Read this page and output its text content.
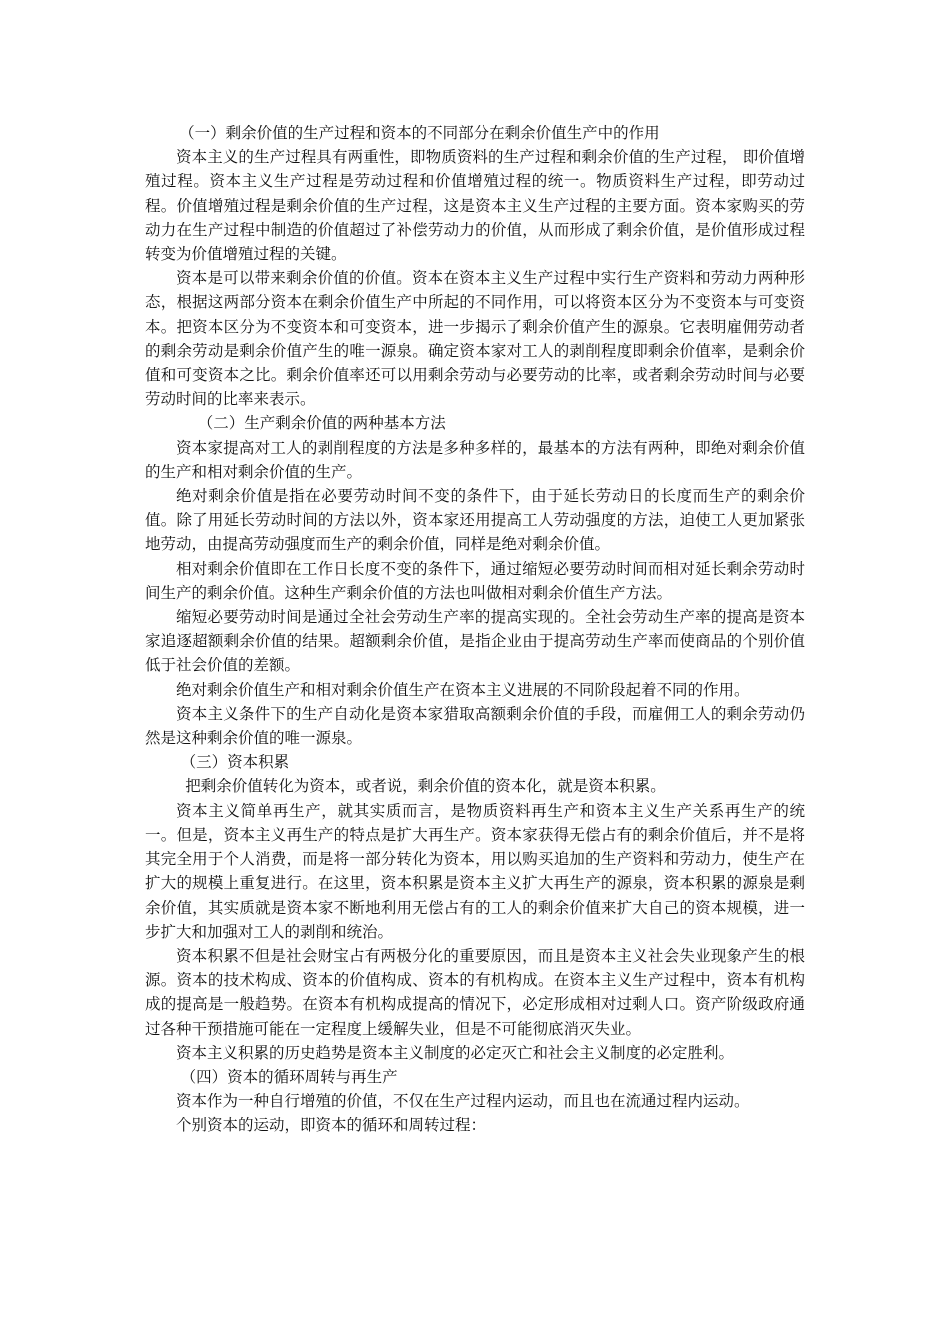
（一）剩余价值的生产过程和资本的不同部分在剩余价值生产中的作用

资本主义的生产过程具有两重性，即物质资料的生产过程和剩余价值的生产过程， 即价值增殖过程。资本主义生产过程是劳动过程和价值增殖过程的统一。物质资料生产过程，即劳动过程。价值增殖过程是剩余价值的生产过程，这是资本主义生产过程的主要方面。资本家购买的劳动力在生产过程中制造的价值超过了补偿劳动力的价值，从而形成了剩余价值，是价值形成过程转变为价值增殖过程的关键。

资本是可以带来剩余价值的价值。资本在资本主义生产过程中实行生产资料和劳动力两种形态，根据这两部分资本在剩余价值生产中所起的不同作用，可以将资本区分为不变资本与可变资本。把资本区分为不变资本和可变资本，进一步揭示了剩余价值产生的源泉。它表明雇佣劳动者的剩余劳动是剩余价值产生的唯一源泉。确定资本家对工人的剥削程度即剩余价值率，是剩余价值和可变资本之比。剩余价值率还可以用剩余劳动与必要劳动的比率，或者剩余劳动时间与必要劳动时间的比率来表示。

（二）生产剩余价值的两种基本方法

资本家提高对工人的剥削程度的方法是多种多样的，最基本的方法有两种，即绝对剩余价值的生产和相对剩余价值的生产。

绝对剩余价值是指在必要劳动时间不变的条件下，由于延长劳动日的长度而生产的剩余价值。除了用延长劳动时间的方法以外，资本家还用提高工人劳动强度的方法，迫使工人更加紧张地劳动，由提高劳动强度而生产的剩余价值，同样是绝对剩余价值。

相对剩余价值即在工作日长度不变的条件下，通过缩短必要劳动时间而相对延长剩余劳动时间生产的剩余价值。这种生产剩余价值的方法也叫做相对剩余价值生产方法。

缩短必要劳动时间是通过全社会劳动生产率的提高实现的。全社会劳动生产率的提高是资本家追逐超额剩余价值的结果。超额剩余价值，是指企业由于提高劳动生产率而使商品的个别价值低于社会价值的差额。

绝对剩余价值生产和相对剩余价值生产在资本主义进展的不同阶段起着不同的作用。

资本主义条件下的生产自动化是资本家猎取高额剩余价值的手段，而雇佣工人的剩余劳动仍然是这种剩余价值的唯一源泉。

（三）资本积累

把剩余价值转化为资本，或者说，剩余价值的资本化，就是资本积累。

资本主义简单再生产，就其实质而言，是物质资料再生产和资本主义生产关系再生产的统一。但是，资本主义再生产的特点是扩大再生产。资本家获得无偿占有的剩余价值后，并不是将其完全用于个人消费，而是将一部分转化为资本，用以购买追加的生产资料和劳动力，使生产在扩大的规模上重复进行。在这里，资本积累是资本主义扩大再生产的源泉，资本积累的源泉是剩余价值，其实质就是资本家不断地利用无偿占有的工人的剩余价值来扩大自己的资本规模，进一步扩大和加强对工人的剥削和统治。

资本积累不但是社会财宝占有两极分化的重要原因，而且是资本主义社会失业现象产生的根源。资本的技术构成、资本的价值构成、资本的有机构成。在资本主义生产过程中，资本有机构成的提高是一般趋势。在资本有机构成提高的情况下，必定形成相对过剩人口。资产阶级政府通过各种干预措施可能在一定程度上缓解失业，但是不可能彻底消灭失业。

资本主义积累的历史趋势是资本主义制度的必定灭亡和社会主义制度的必定胜利。

（四）资本的循环周转与再生产

资本作为一种自行增殖的价值，不仅在生产过程内运动，而且也在流通过程内运动。

个别资本的运动，即资本的循环和周转过程：
